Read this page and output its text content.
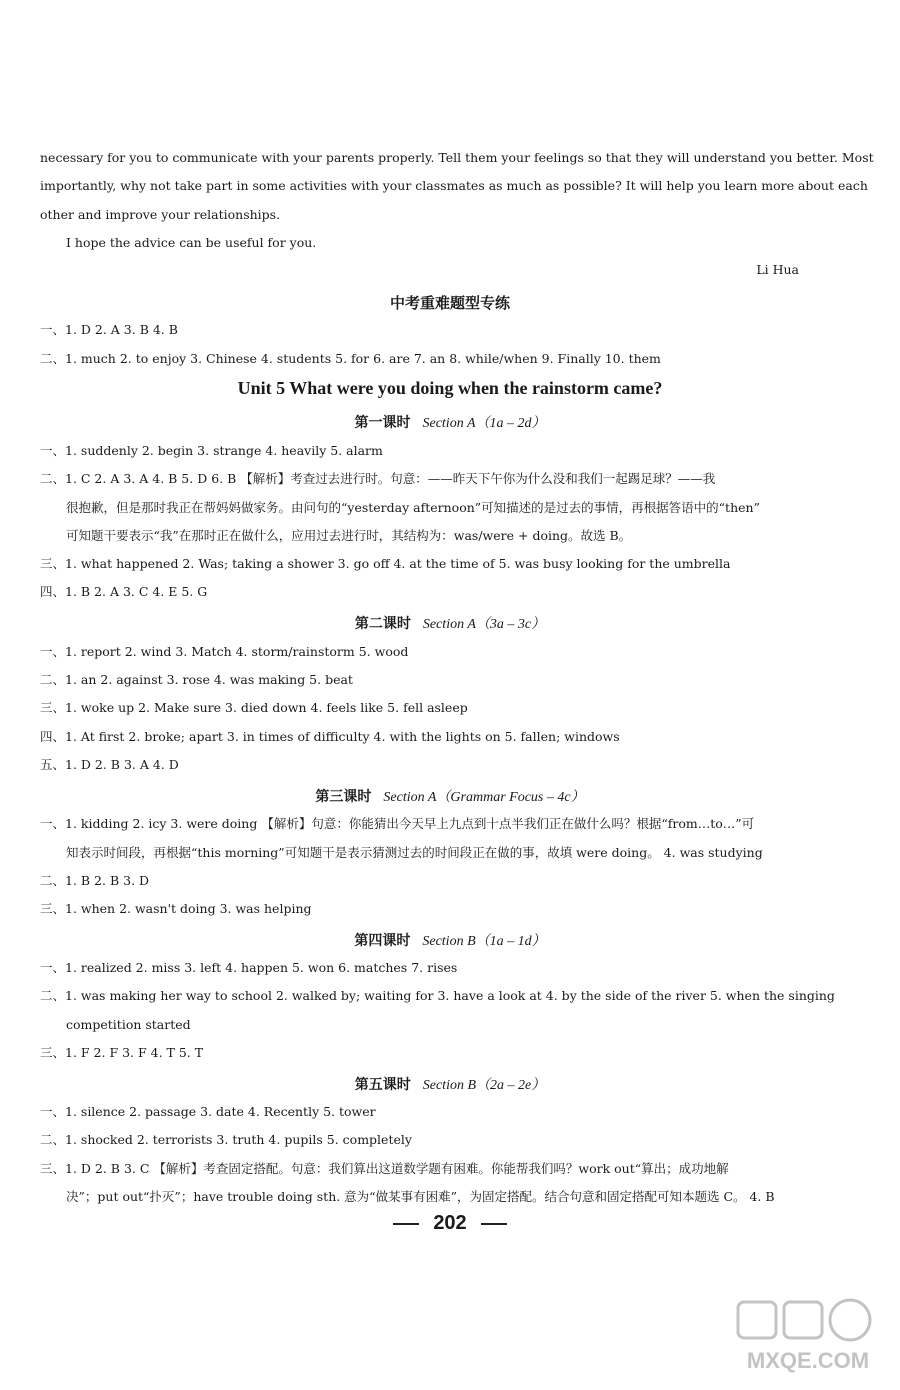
necessary for you to communicate with your parents properly. Tell them your feelings so that they will understand you better. Most
importantly, why not take part in some activities with your classmates as much as possible? It will help you learn more about each
other and improve your relationships.
I hope the advice can be useful for you.
Li Hua
中考重难题型专练
一、1. D 2. A 3. B 4. B
二、1. much 2. to enjoy 3. Chinese 4. students 5. for 6. are 7. an 8. while/when 9. Finally 10. them
Unit 5 What were you doing when the rainstorm came?
第一课时 Section A（1a – 2d）
一、1. suddenly 2. begin 3. strange 4. heavily 5. alarm
二、1. C 2. A 3. A 4. B 5. D 6. B 【解析】考查过去进行时。句意：——昨天下午你为什么没和我们一起踢足球？——我
很抱歉，但是那时我正在帮妈妈做家务。由问句的“yesterday afternoon”可知描述的是过去的事情，再根据答语中的“then”
可知题干要表示“我”在那时正在做什么，应用过去进行时，其结构为：was/were + doing。故选 B。
三、1. what happened 2. Was; taking a shower 3. go off 4. at the time of 5. was busy looking for the umbrella
四、1. B 2. A 3. C 4. E 5. G
第二课时 Section A（3a – 3c）
一、1. report 2. wind 3. Match 4. storm/rainstorm 5. wood
二、1. an 2. against 3. rose 4. was making 5. beat
三、1. woke up 2. Make sure 3. died down 4. feels like 5. fell asleep
四、1. At first 2. broke; apart 3. in times of difficulty 4. with the lights on 5. fallen; windows
五、1. D 2. B 3. A 4. D
第三课时 Section A（Grammar Focus – 4c）
一、1. kidding 2. icy 3. were doing 【解析】句意：你能猜出今天早上九点到十点半我们正在做什么吗？根据“from…to…”可
知表示时间段，再根据“this morning”可知题干是表示猜测过去的时间段正在做的事，故填 were doing。 4. was studying
二、1. B 2. B 3. D
三、1. when 2. wasn't doing 3. was helping
第四课时 Section B（1a – 1d）
一、1. realized 2. miss 3. left 4. happen 5. won 6. matches 7. rises
二、1. was making her way to school 2. walked by; waiting for 3. have a look at 4. by the side of the river 5. when the singing
competition started
三、1. F 2. F 3. F 4. T 5. T
第五课时 Section B（2a – 2e）
一、1. silence 2. passage 3. date 4. Recently 5. tower
二、1. shocked 2. terrorists 3. truth 4. pupils 5. completely
三、1. D 2. B 3. C 【解析】考查固定搭配。句意：我们算出这道数学题有困难。你能帮我们吗？work out“算出；成功地解
决”；put out“扑灭”；have trouble doing sth. 意为“做某事有困难”，为固定搭配。结合句意和固定搭配可知本题选 C。 4. B
202
MXQE.COM
